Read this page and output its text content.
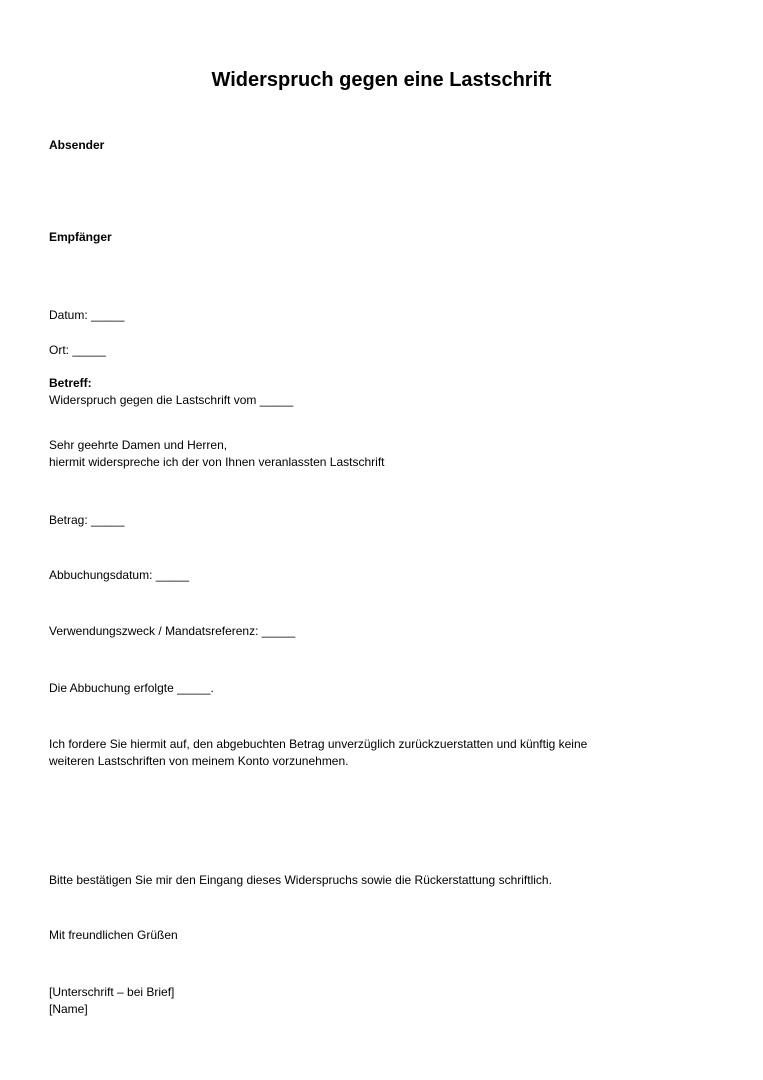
Widerspruch gegen eine Lastschrift
Absender
Empfänger
Datum: _____
Ort: _____
Betreff:
Widerspruch gegen die Lastschrift vom _____
Sehr geehrte Damen und Herren,
hiermit widerspreche ich der von Ihnen veranlassten Lastschrift
Betrag: _____
Abbuchungsdatum: _____
Verwendungszweck / Mandatsreferenz: _____
Die Abbuchung erfolgte _____.
Ich fordere Sie hiermit auf, den abgebuchten Betrag unverzüglich zurückzuerstatten und künftig keine
weiteren Lastschriften von meinem Konto vorzunehmen.
Bitte bestätigen Sie mir den Eingang dieses Widerspruchs sowie die Rückerstattung schriftlich.
Mit freundlichen Grüßen
[Unterschrift – bei Brief]
[Name]
